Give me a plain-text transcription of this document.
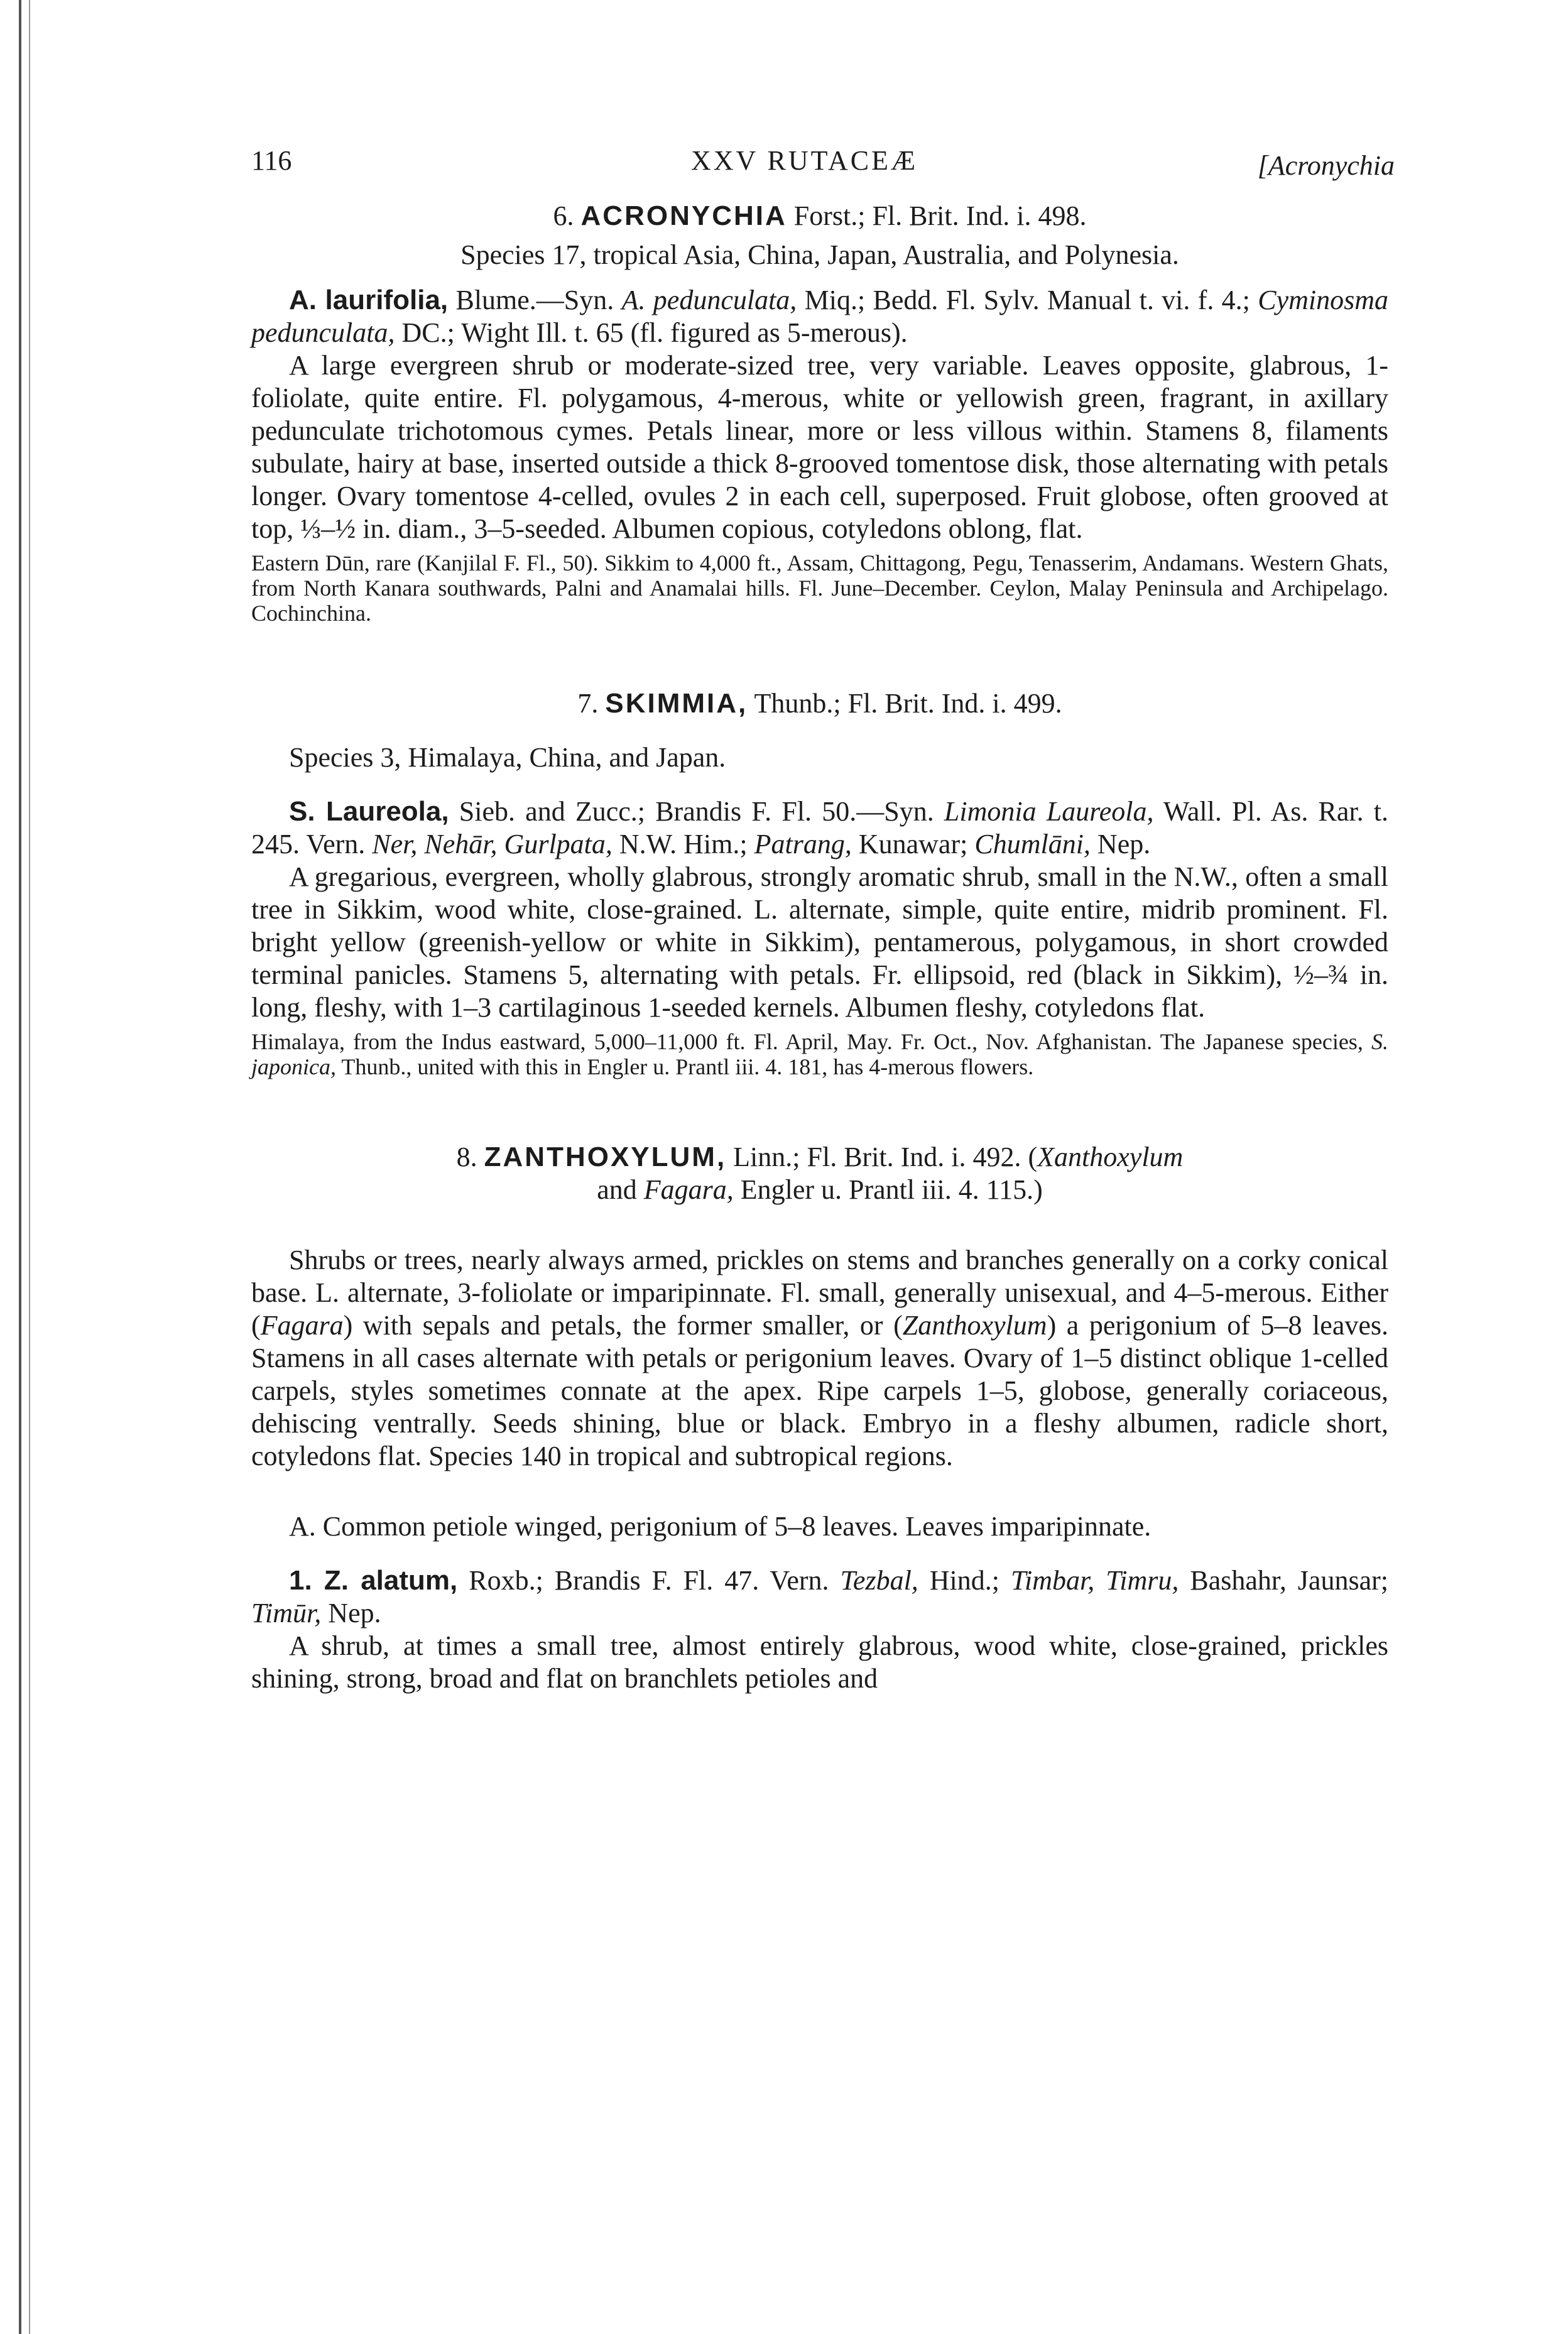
116	XXV RUTACEÆ	[Acronychia
6. ACRONYCHIA Forst.; Fl. Brit. Ind. i. 498.
Species 17, tropical Asia, China, Japan, Australia, and Polynesia.

A. laurifolia, Blume.—Syn. A. pedunculata, Miq.; Bedd. Fl. Sylv. Manual t. vi. f. 4.; Cyminosma pedunculata, DC.; Wight Ill. t. 65 (fl. figured as 5-merous).

A large evergreen shrub or moderate-sized tree, very variable. Leaves opposite, glabrous, 1-foliolate, quite entire. Fl. polygamous, 4-merous, white or yellowish green, fragrant, in axillary pedunculate trichotomous cymes. Petals linear, more or less villous within. Stamens 8, filaments subulate, hairy at base, inserted outside a thick 8-grooved tomentose disk, those alternating with petals longer. Ovary tomentose 4-celled, ovules 2 in each cell, superposed. Fruit globose, often grooved at top, ⅓–½ in. diam., 3–5-seeded. Albumen copious, cotyledons oblong, flat.

Eastern Dūn, rare (Kanjilal F. Fl., 50). Sikkim to 4,000 ft., Assam, Chittagong, Pegu, Tenasserim, Andamans. Western Ghats, from North Kanara southwards, Palni and Anamalai hills. Fl. June–December. Ceylon, Malay Peninsula and Archipelago. Cochinchina.

7. SKIMMIA, Thunb.; Fl. Brit. Ind. i. 499.

Species 3, Himalaya, China, and Japan.

S. Laureola, Sieb. and Zucc.; Brandis F. Fl. 50.—Syn. Limonia Laureola, Wall. Pl. As. Rar. t. 245. Vern. Ner, Nehār, Gurlpata, N.W. Him.; Patrang, Kunawar; Chumlāni, Nep.

A gregarious, evergreen, wholly glabrous, strongly aromatic shrub, small in the N.W., often a small tree in Sikkim, wood white, close-grained. L. alternate, simple, quite entire, midrib prominent. Fl. bright yellow (greenish-yellow or white in Sikkim), pentamerous, polygamous, in short crowded terminal panicles. Stamens 5, alternating with petals. Fr. ellipsoid, red (black in Sikkim), ½–¾ in. long, fleshy, with 1–3 cartilaginous 1-seeded kernels. Albumen fleshy, cotyledons flat.

Himalaya, from the Indus eastward, 5,000–11,000 ft. Fl. April, May. Fr. Oct., Nov. Afghanistan. The Japanese species, S. japonica, Thunb., united with this in Engler u. Prantl iii. 4. 181, has 4-merous flowers.

8. ZANTHOXYLUM, Linn.; Fl. Brit. Ind. i. 492. (Xanthoxylum
and Fagara, Engler u. Prantl iii. 4. 115.)

Shrubs or trees, nearly always armed, prickles on stems and branches generally on a corky conical base. L. alternate, 3-foliolate or imparipinnate. Fl. small, generally unisexual, and 4–5-merous. Either (Fagara) with sepals and petals, the former smaller, or (Zanthoxylum) a perigonium of 5–8 leaves. Stamens in all cases alternate with petals or perigonium leaves. Ovary of 1–5 distinct oblique 1-celled carpels, styles sometimes connate at the apex. Ripe carpels 1–5, globose, generally coriaceous, dehiscing ventrally. Seeds shining, blue or black. Embryo in a fleshy albumen, radicle short, cotyledons flat. Species 140 in tropical and subtropical regions.

A. Common petiole winged, perigonium of 5–8 leaves. Leaves imparipinnate.

1. Z. alatum, Roxb.; Brandis F. Fl. 47. Vern. Tezbal, Hind.; Timbar, Timru, Bashahr, Jaunsar; Timūr, Nep.

A shrub, at times a small tree, almost entirely glabrous, wood white, close-grained, prickles shining, strong, broad and flat on branchlets petioles and
